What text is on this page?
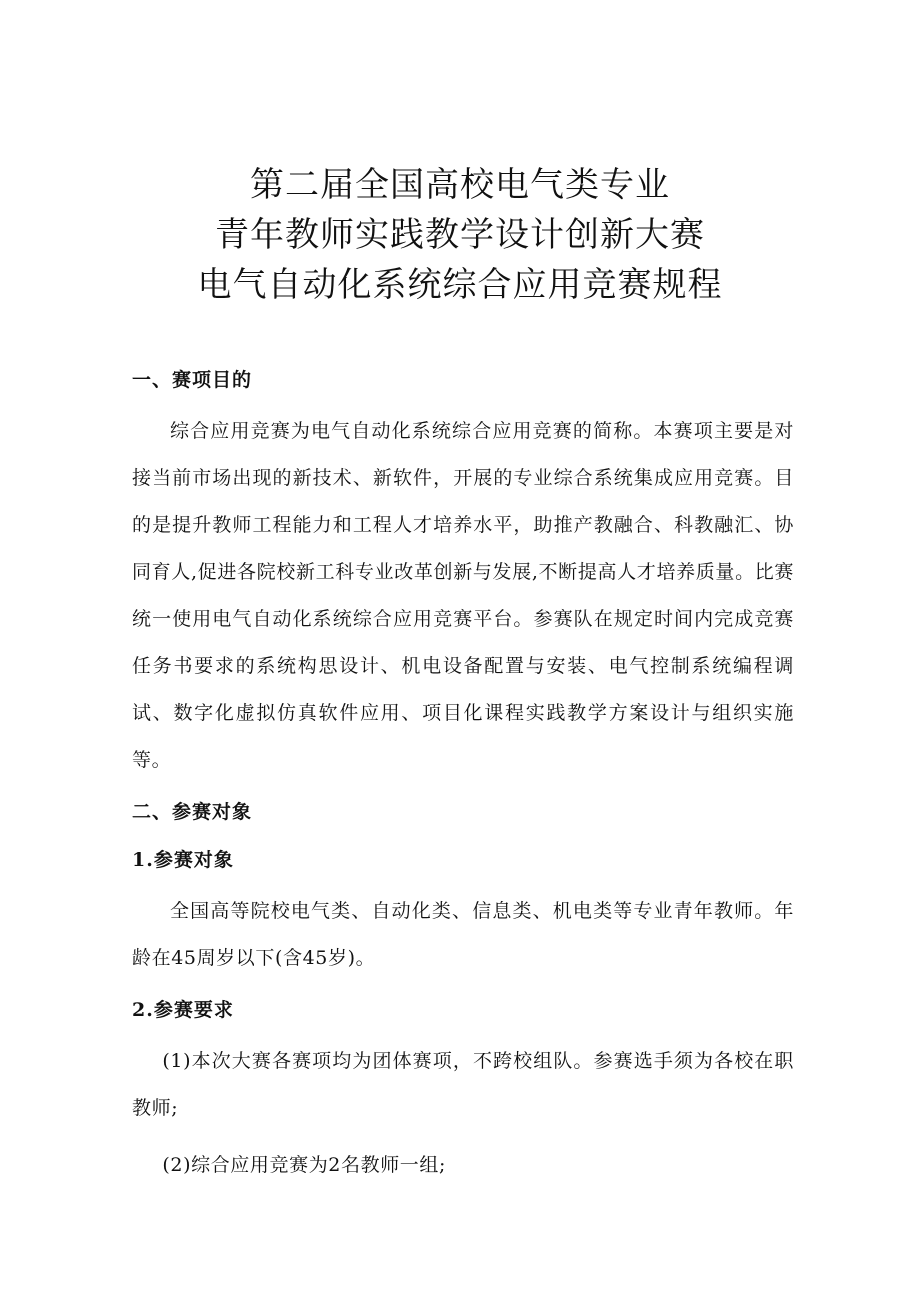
第二届全国高校电气类专业
青年教师实践教学设计创新大赛
电气自动化系统综合应用竞赛规程

一、赛项目的

综合应用竞赛为电气自动化系统综合应用竞赛的简称。本赛项主要是对接当前市场出现的新技术、新软件，开展的专业综合系统集成应用竞赛。目的是提升教师工程能力和工程人才培养水平，助推产教融合、科教融汇、协同育人,促进各院校新工科专业改革创新与发展,不断提高人才培养质量。比赛统一使用电气自动化系统综合应用竞赛平台。参赛队在规定时间内完成竞赛任务书要求的系统构思设计、机电设备配置与安装、电气控制系统编程调试、数字化虚拟仿真软件应用、项目化课程实践教学方案设计与组织实施等。

二、参赛对象

1.参赛对象

全国高等院校电气类、自动化类、信息类、机电类等专业青年教师。年龄在45周岁以下(含45岁)。

2.参赛要求

(1)本次大赛各赛项均为团体赛项，不跨校组队。参赛选手须为各校在职教师;

(2)综合应用竞赛为2名教师一组;
